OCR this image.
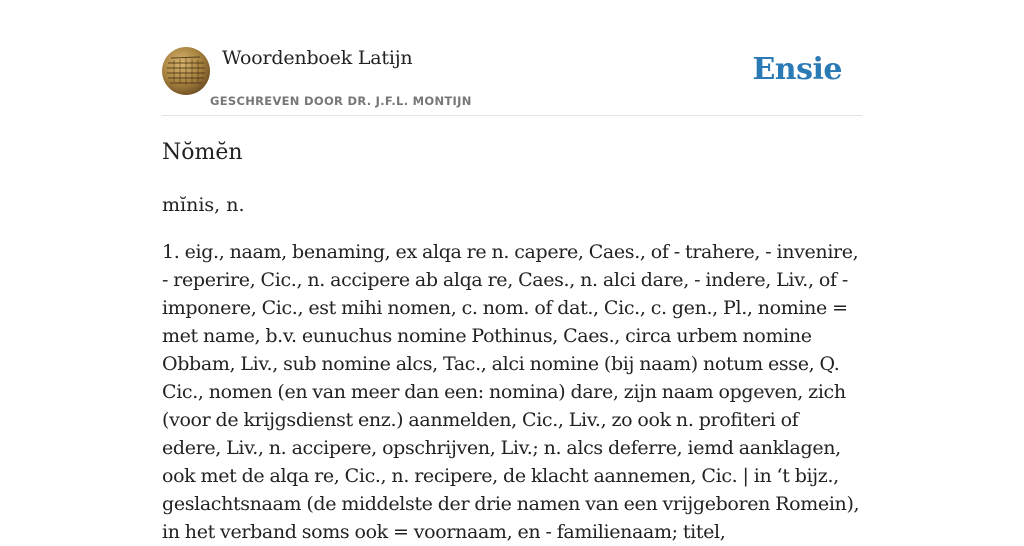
Woordenboek Latijn
GESCHREVEN DOOR DR. J.F.L. MONTIJN
Ensie
Nŏmĕn

mĭnis, n.

1. eig., naam, benaming, ex alqa re n. capere, Caes., of - trahere, - invenire, - reperire, Cic., n. accipere ab alqa re, Caes., n. alci dare, - indere, Liv., of - imponere, Cic., est mihi nomen, c. nom. of dat., Cic., c. gen., Pl., nomine = met name, b.v. eunuchus nomine Pothinus, Caes., circa urbem nomine Obbam, Liv., sub nomine alcs, Tac., alci nomine (bij naam) notum esse, Q. Cic., nomen (en van meer dan een: nomina) dare, zijn naam opgeven, zich (voor de krijgsdienst enz.) aanmelden, Cic., Liv., zo ook n. profiteri of edere, Liv., n. accipere, opschrijven, Liv.; n. alcs deferre, iemd aanklagen, ook met de alqa re, Cic., n. recipere, de klacht aannemen, Cic. | in ‘t bijz., geslachtsnaam (de middelste der drie namen van een vrijgeboren Romein), in het verband soms ook = voornaam, en - familienaam; titel,
